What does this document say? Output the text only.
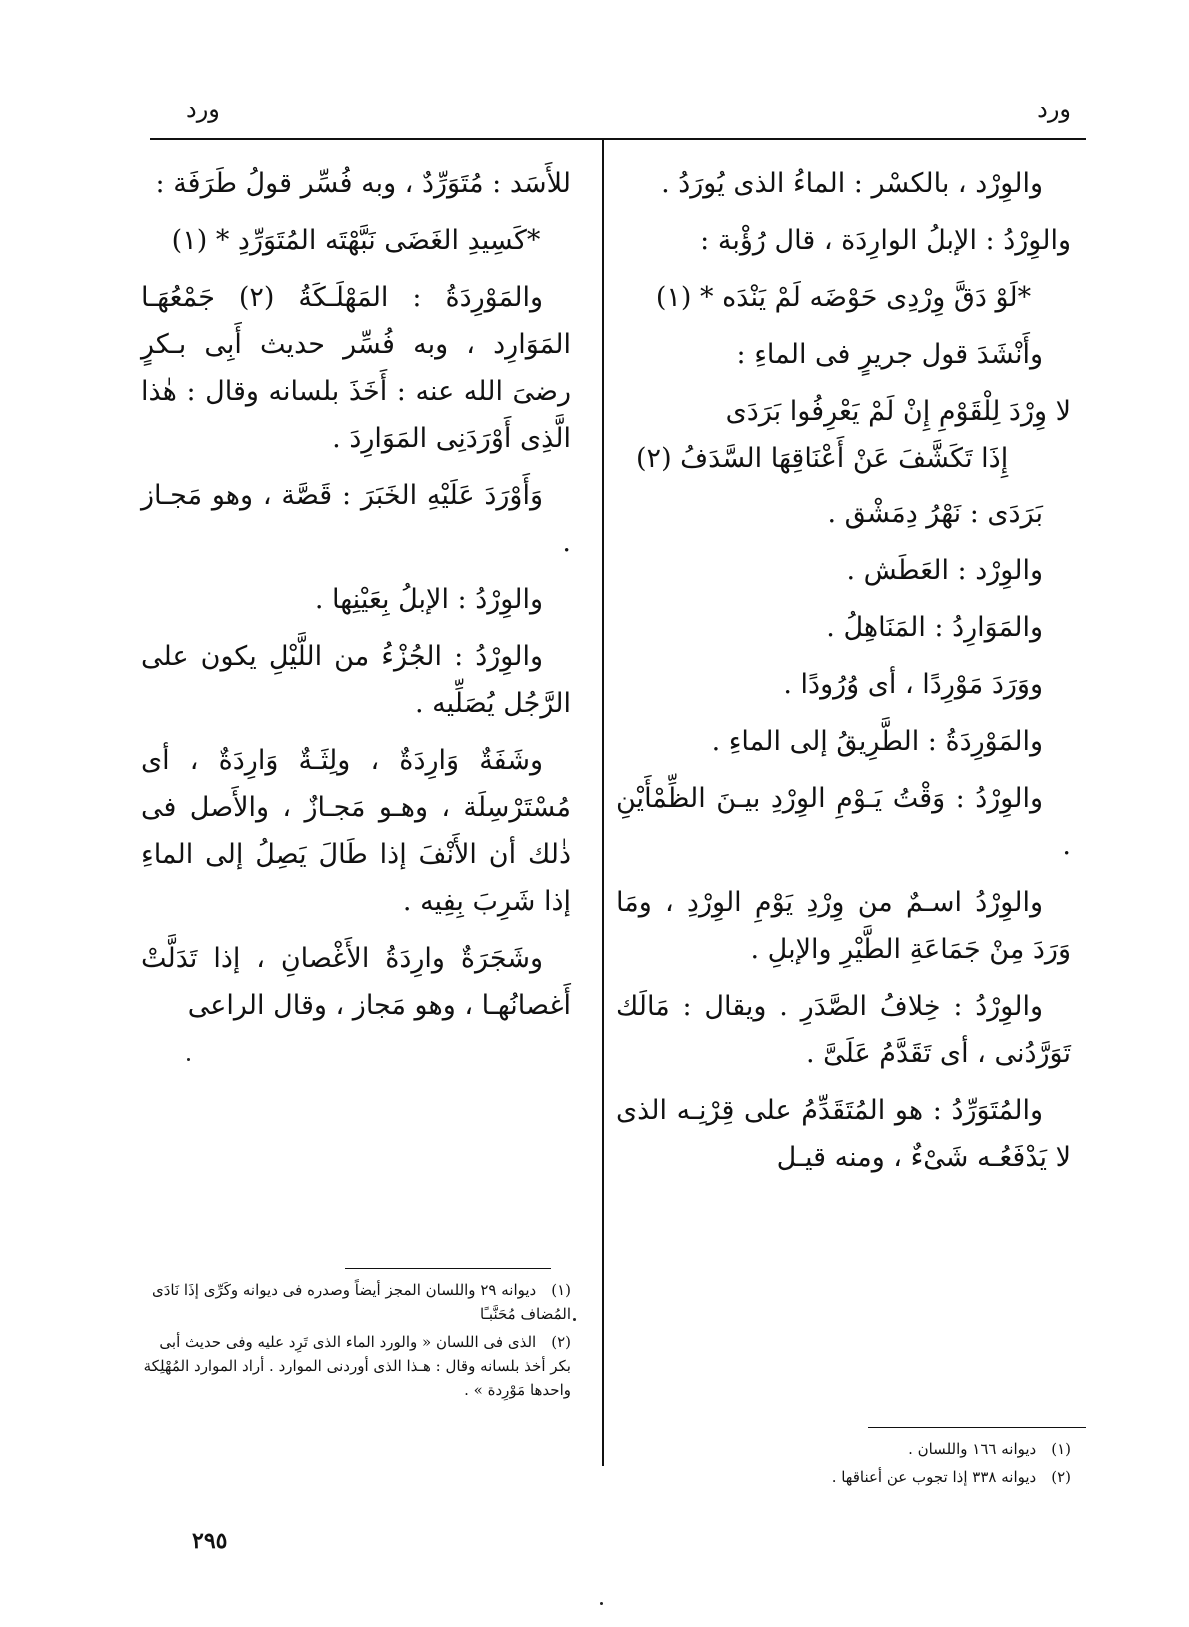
ورد
ورد

والوِرْد ، بالكسْر : الماءُ الذى يُورَدُ .

والوِرْدُ : الإبلُ الوارِدَة ، قال رُؤْبة :

*لَوْ دَقَّ وِرْدِى حَوْضَه لَمْ يَنْدَه * (١)

وأَنْشَدَ قول جريرٍ فى الماءِ :

لا وِرْدَ لِلْقَوْمِ إِنْ لَمْ يَعْرِفُوا بَرَدَى

إِذَا تَكَشَّفَ عَنْ أَعْنَاقِهَا السَّدَفُ (٢)

بَرَدَى : نَهْرُ دِمَشْق .

والوِرْد : العَطَش .

والمَوَارِدُ : المَنَاهِلُ .

ووَرَدَ مَوْرِدًا ، أى وُرُودًا .

والمَوْرِدَةُ : الطَّرِيقُ إلى الماءِ .

والوِرْدُ : وَقْتُ يَـوْمِ الوِرْدِ بيـنَ الظِّمْأَيْنِ .

والوِرْدُ اسـمٌ من وِرْدِ يَوْمِ الوِرْدِ ، ومَا وَرَدَ مِنْ جَمَاعَةِ الطَّيْرِ والإبلِ .

والوِرْدُ : خِلافُ الصَّدَرِ . ويقال : مَالَك تَوَرَّدُنى ، أى تَقَدَّمُ عَلَىَّ .

والمُتَوَرِّدُ : هو المُتَقَدِّمُ على قِرْنِـه الذى لا يَدْفَعُـه شَىْءٌ ، ومنه قيـل

للأَسَد : مُتَوَرِّدٌ ، وبه فُسِّر قولُ طَرَفَة :

*كَسِيدِ الغَضَى نَبَّهْتَه المُتَوَرِّدِ * (١)

والمَوْرِدَةُ : المَهْلَـكَةُ (٢) جَمْعُهَـا المَوَارِد ، وبه فُسِّر حديث أَبِى بـكرٍ رضىَ الله عنه : أَخَذَ بلسانه وقال : هٰذا الَّذِى أَوْرَدَنِى المَوَارِدَ .

وَأَوْرَدَ عَلَيْهِ الخَبَرَ : قَصَّة ، وهو مَجـاز .

والوِرْدُ : الإبلُ بِعَيْنِها .

والوِرْدُ : الجُزْءُ من اللَّيْلِ يكون على الرَّجُل يُصَلِّيه .

وشَفَةٌ وَارِدَةٌ ، ولِثَـةٌ وَارِدَةٌ ، أى مُسْتَرْسِلَة ، وهـو مَجـازٌ ، والأَصل فى ذٰلك أن الأَنْفَ إذا طَالَ يَصِلُ إلى الماءِ إذا شَرِبَ بِفِيه .

وشَجَرَةٌ وارِدَةُ الأَغْصانِ ، إذا تَدَلَّتْ أَغصانُهـا ، وهو مَجاز ، وقال الراعى

(١) ديوانه ٢٩ واللسان المجز أيضاً وصدره فى ديوانه وكَرِّى إذَا نَادَى المُضاف مُحَنَّبـًا

(٢) الذى فى اللسان « والورد الماء الذى تَرِد عليه وفى حديث أبى بكر أخذ بلسانه وقال : هـذا الذى أوردنى الموارد . أراد الموارد المُهْلِكة واحدها مَوْرِدة » .

(١) ديوانه ١٦٦ واللسان .

(٢) ديوانه ٣٣٨ إذا تجوب عن أعناقها .

٢٩٥
